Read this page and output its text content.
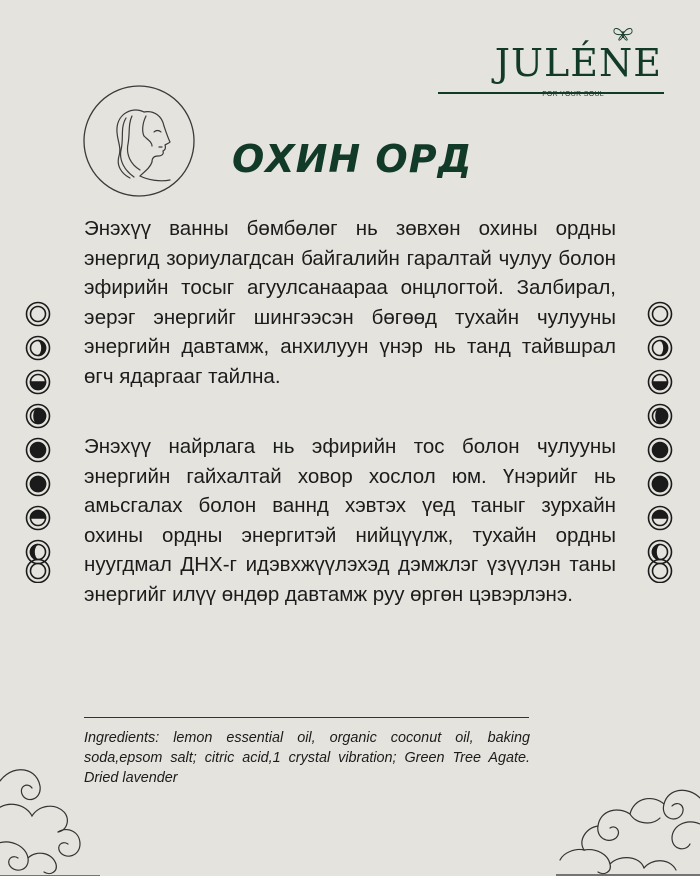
JULÉNE
FOR YOUR SOUL
ОХИН ОРД

Энэхүү ванны бөмбөлөг нь зөвхөн охины ордны энергид зориулагдсан байгалийн гаралтай чулуу болон эфирийн тосыг агуулсанаараа онцлогтой. Залбирал, эерэг энергийг шингээсэн бөгөөд тухайн чулууны энергийн давтамж, анхилуун үнэр нь танд тайвшрал өгч ядаргааг тайлна.

Энэхүү найрлага нь эфирийн тос болон чулууны энергийн гайхалтай ховор хослол юм. Үнэрийг нь амьсгалах болон ваннд хэвтэх үед таныг зурхайн охины ордны энергитэй нийцүүлж, тухайн ордны нуугдмал ДНХ-г идэвхжүүлэхэд дэмжлэг үзүүлэн таны энергийг илүү өндөр давтамж руу өргөн цэвэрлэнэ.

Ingredients: lemon essential oil, organic coconut oil, baking soda,epsom salt; citric acid,1 crystal vibration; Green Tree Agate. Dried lavender
